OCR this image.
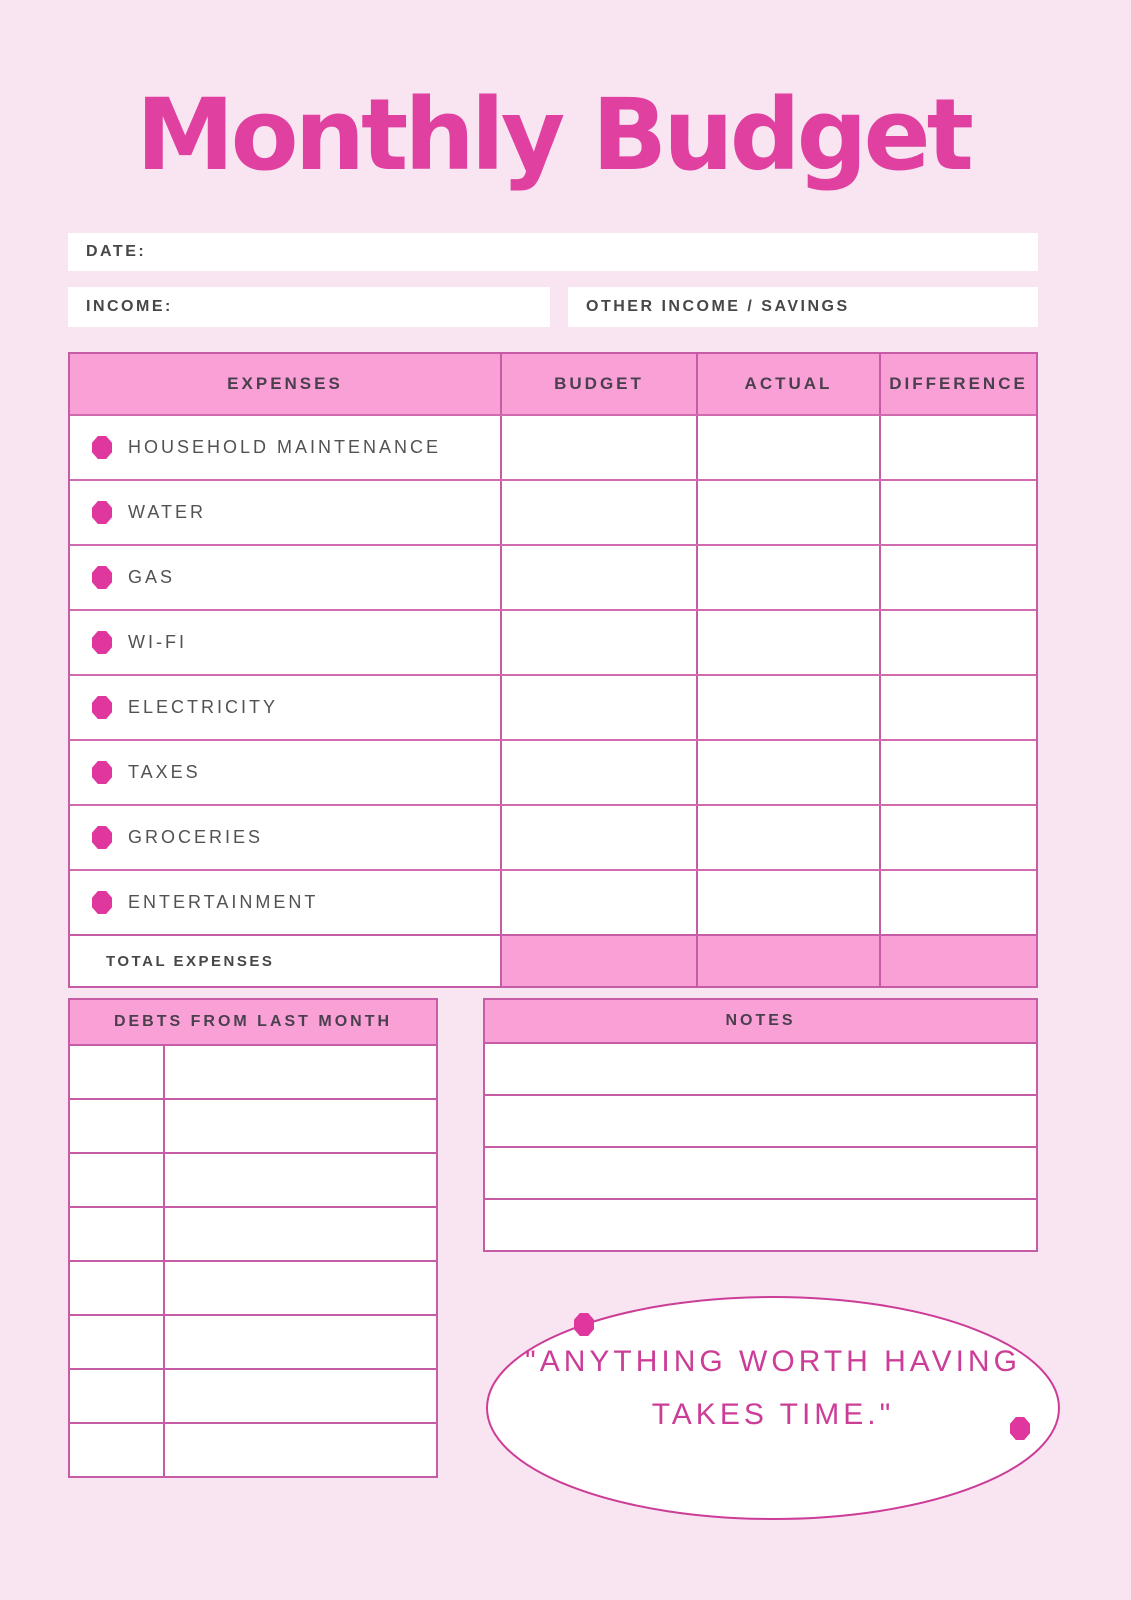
Monthly Budget
DATE:
INCOME:	OTHER INCOME / SAVINGS
EXPENSES	BUDGET	ACTUAL	DIFFERENCE
HOUSEHOLD MAINTENANCE
WATER
GAS
WI-FI
ELECTRICITY
TAXES
GROCERIES
ENTERTAINMENT
TOTAL EXPENSES
DEBTS FROM LAST MONTH	NOTES
"ANYTHING WORTH HAVING TAKES TIME."
